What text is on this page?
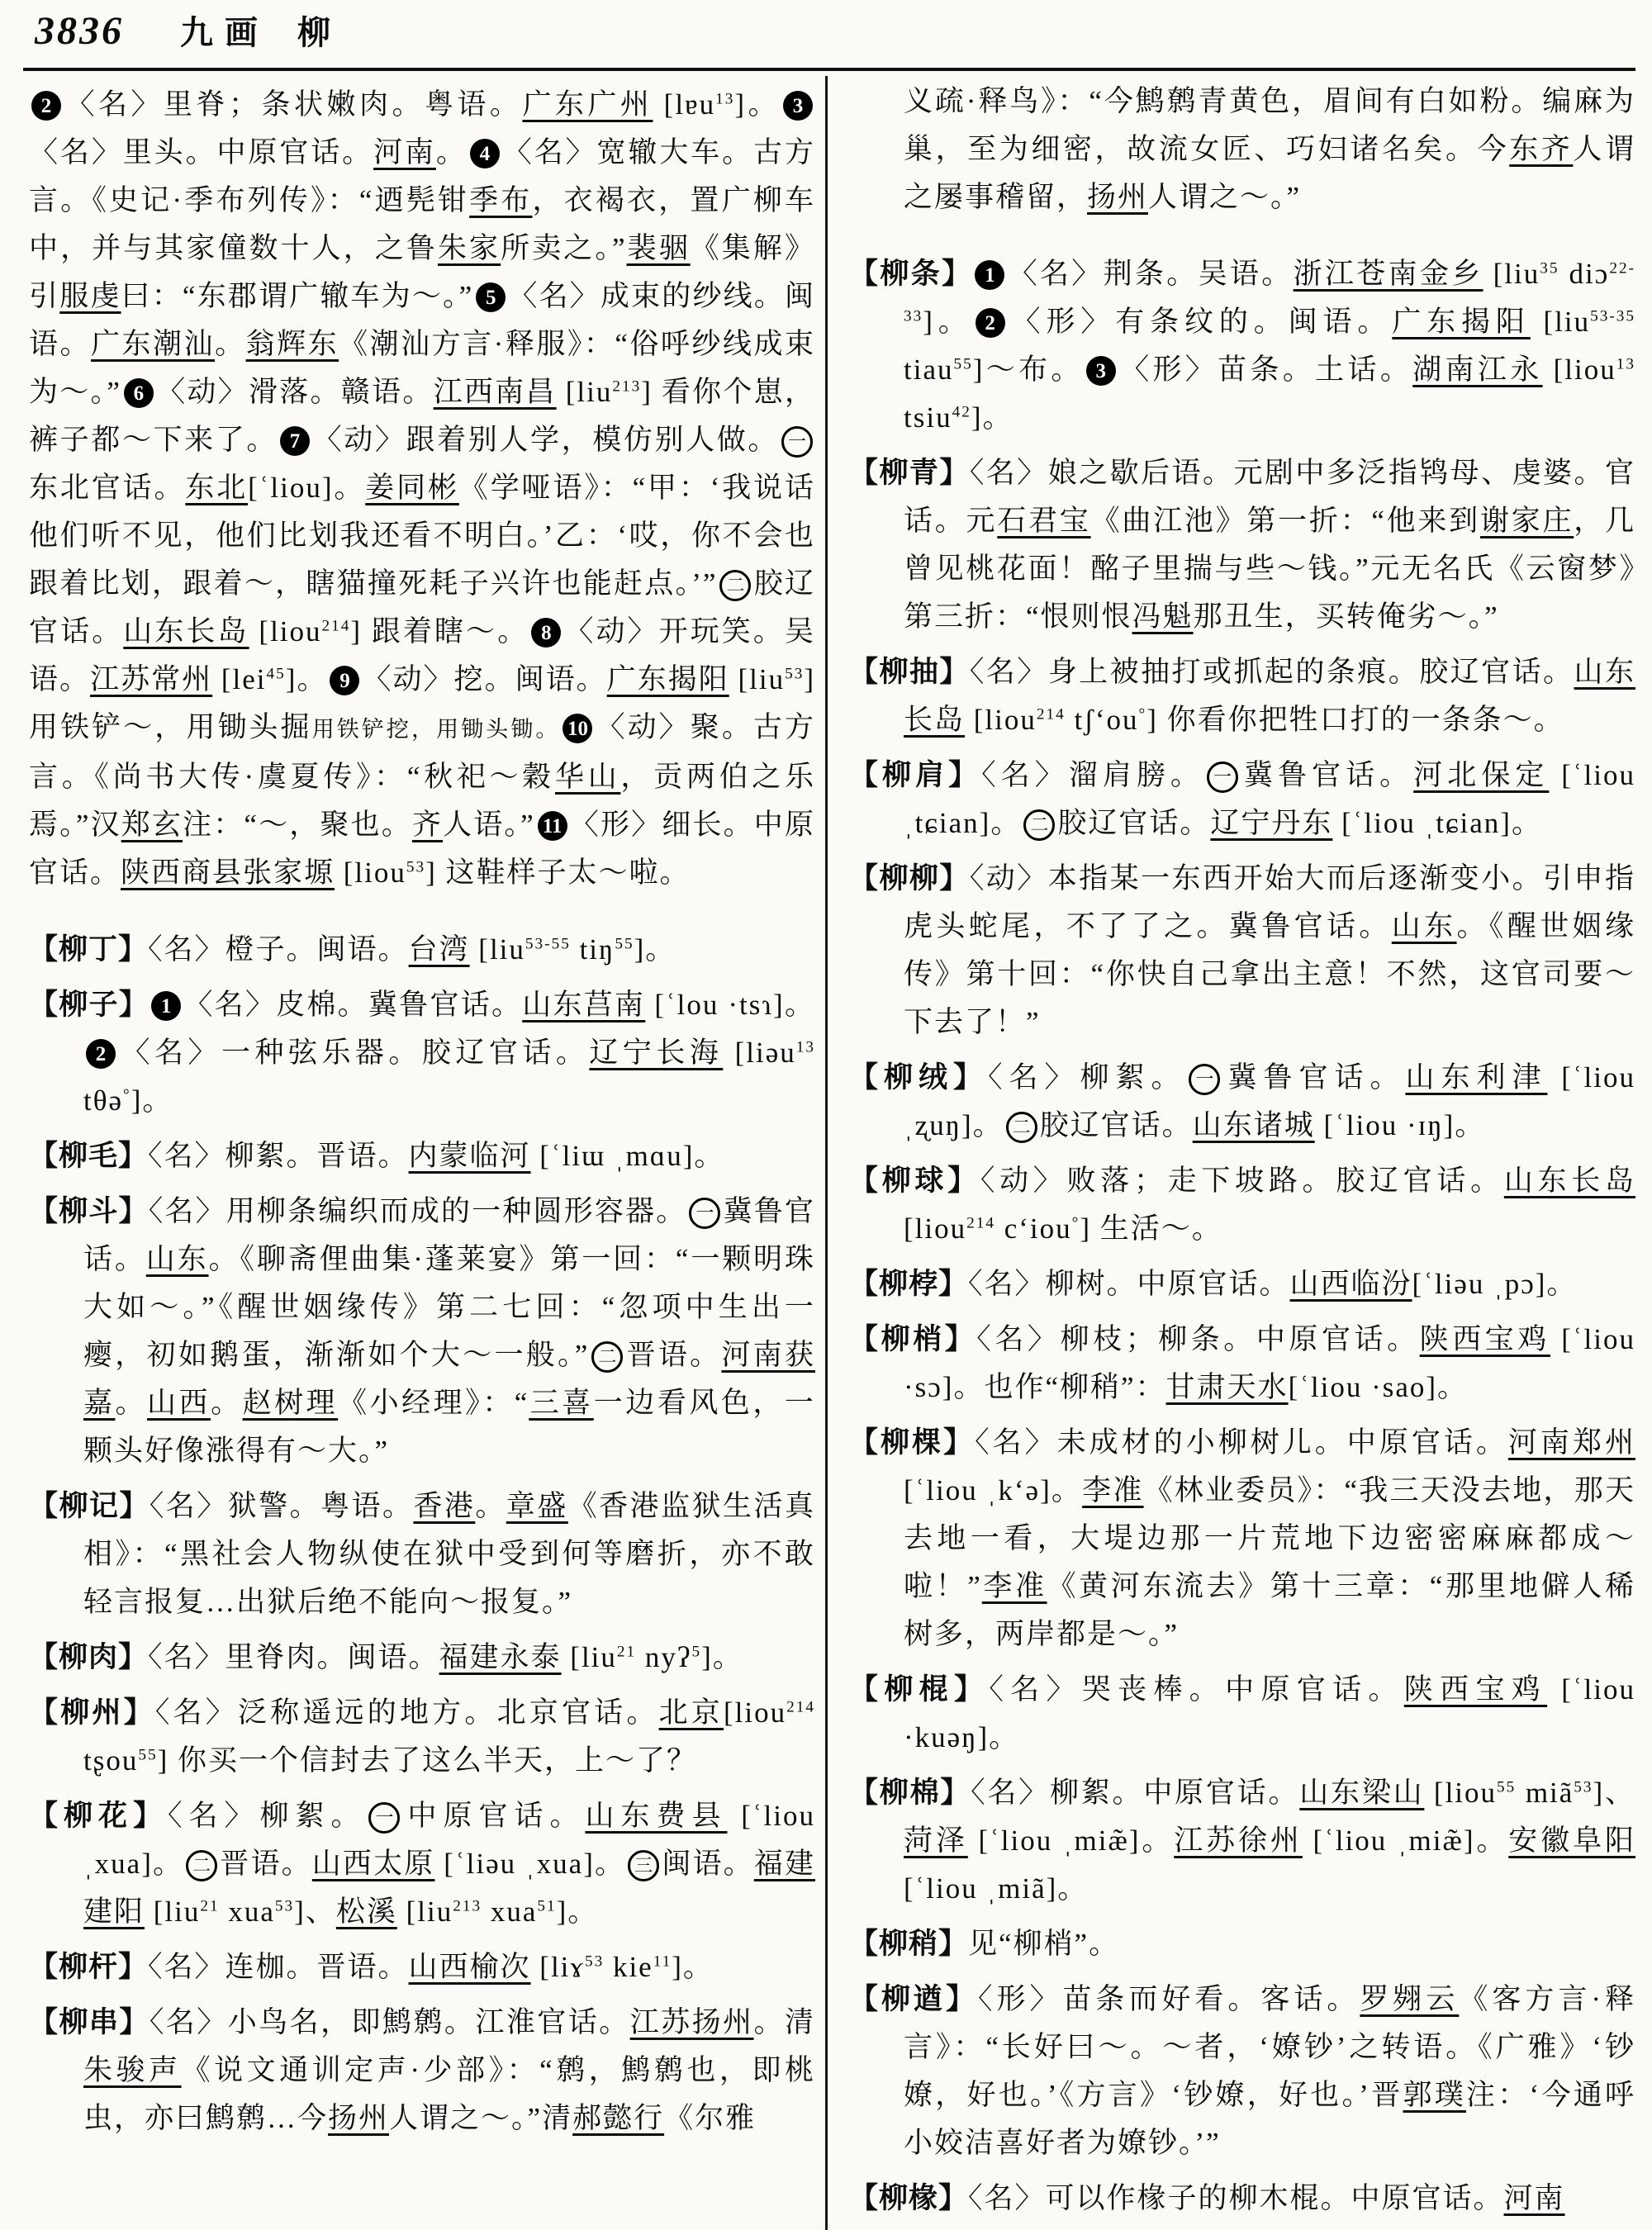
3836 九画 柳

2 〈名〉里脊；条状嫩肉。粤语。广东广州 [lɐu$^{13}$]。 3〈名〉里头。中原官话。河南。 4 〈名〉宽辙大车。古方言。《史记·季布列传》：“迺髡钳季布，衣褐衣，置广柳车中，并与其家僮数十人，之鲁朱家所卖之。”裴骃《集解》引服虔曰：“东郡谓广辙车为～。” 5 〈名〉成束的纱线。闽语。广东潮汕。翁辉东《潮汕方言·释服》：“俗呼纱线成束为～。” 6 〈动〉滑落。赣语。江西南昌 [liu$^{213}$] 看你个崽，裤子都～下来了。 7 〈动〉跟着别人学，模仿别人做。 一东北官话。东北[ʿliou]。姜同彬《学哑语》：“甲：‘我说话他们听不见，他们比划我还看不明白。’乙：‘哎，你不会也跟着比划，跟着～，瞎猫撞死耗子兴许也能赶点。’” 二 胶辽官话。山东长岛 [liou$^{214}$] 跟着瞎～。 8 〈动〉开玩笑。吴语。江苏常州 [lei$^{45}$]。 9 〈动〉挖。闽语。广东揭阳 [liu$^{53}$] 用铁铲～，用锄头掘用铁铲挖，用锄头锄。 10 〈动〉聚。古方言。《尚书大传·虞夏传》：“秋祀～穀华山，贡两伯之乐焉。”汉郑玄注：“～，聚也。齐人语。” 11 〈形〉细长。中原官话。陕西商县张家塬 [liou$^{53}$] 这鞋样子太～啦。

【柳丁】〈名〉橙子。闽语。台湾 [liu$^{53-55}$ tiŋ$^{55}$]。

【柳子】 1 〈名〉皮棉。冀鲁官话。山东莒南 [ʿlou ·tsɿ]。2 〈名〉一种弦乐器。胶辽官话。辽宁长海 [liəu$^{13}$ tθə°]。

【柳毛】〈名〉柳絮。晋语。内蒙临河 [ʿliɯ ˌmɑu]。

【柳斗】〈名〉用柳条编织而成的一种圆形容器。 一 冀鲁官话。山东。《聊斋俚曲集·蓬莱宴》第一回：“一颗明珠大如～。”《醒世姻缘传》第二七回：“忽项中生出一瘿，初如鹅蛋，渐渐如个大～一般。” 二 晋语。河南获嘉。山西。赵树理《小经理》：“三喜一边看风色，一颗头好像涨得有～大。”

【柳记】〈名〉狱警。粤语。香港。章盛《香港监狱生活真相》：“黑社会人物纵使在狱中受到何等磨折，亦不敢轻言报复…出狱后绝不能向～报复。”

【柳肉】〈名〉里脊肉。闽语。福建永泰 [liu$^{21}$ nyʔ$^5$]。

【柳州】〈名〉泛称遥远的地方。北京官话。北京[liou$^{214}$ tʂou$^{55}$] 你买一个信封去了这么半天，上～了？

【柳花】〈名〉柳絮。 一 中原官话。山东费县 [ʿliou ˌxua]。 二 晋语。山西太原 [ʿliəu ˌxua]。 三 闽语。福建建阳 [liu$^{21}$ xua$^{53}$]、松溪 [liu$^{213}$ xua$^{51}$]。

【柳杆】〈名〉连枷。晋语。山西榆次 [liɤ$^{53}$ kie$^{11}$]。

【柳串】〈名〉小鸟名，即鹪鹩。江淮官话。江苏扬州。清朱骏声《说文通训定声·少部》：“鹩，鹪鹩也，即桃虫，亦曰鹪鹩…今扬州人谓之～。”清郝懿行《尔雅

义疏·释鸟》：“今鹪鹩青黄色，眉间有白如粉。编麻为巢，至为细密，故流女匠、巧妇诸名矣。今东齐人谓之屡事稽留，扬州人谓之～。”

【柳条】 1 〈名〉荆条。吴语。浙江苍南金乡 [liu$^{35}$ diɔ$^{22-33}$]。 2 〈形〉有条纹的。闽语。广东揭阳 [liu$^{53-35}$ tiau$^{55}$]～布。 3 〈形〉苗条。土话。湖南江永 [liou$^{13}$ tsiu$^{42}$]。

【柳青】〈名〉娘之歇后语。元剧中多泛指鸨母、虔婆。官话。元石君宝《曲江池》第一折：“他来到谢家庄，几曾见桃花面！酩子里揣与些～钱。”元无名氏《云窗梦》第三折：“恨则恨冯魁那丑生，买转俺劣～。”

【柳抽】〈名〉身上被抽打或抓起的条痕。胶辽官话。山东长岛 [liou$^{214}$ tʃ‘ou°] 你看你把牲口打的一条条～。

【柳肩】〈名〉溜肩膀。 一 冀鲁官话。河北保定 [ʿliou ˌtɕian]。 二 胶辽官话。辽宁丹东 [ʿliou ˌtɕian]。

【柳柳】〈动〉本指某一东西开始大而后逐渐变小。引申指虎头蛇尾，不了了之。冀鲁官话。山东。《醒世姻缘传》第十回：“你快自己拿出主意！不然，这官司要～下去了！”

【柳绒】〈名〉柳絮。 一 冀鲁官话。山东利津 [ʿliou ˌʐuŋ]。 二 胶辽官话。山东诸城 [ʿliou ·ɪŋ]。

【柳球】〈动〉败落；走下坡路。胶辽官话。山东长岛 [liou$^{214}$ c‘iou°] 生活～。

【柳桲】〈名〉柳树。中原官话。山西临汾[ʿliəu ˌpɔ]。

【柳梢】〈名〉柳枝；柳条。中原官话。陕西宝鸡 [ʿliou ·sɔ]。也作“柳稍”：甘肃天水[ʿliou ·sao]。

【柳棵】〈名〉未成材的小柳树儿。中原官话。河南郑州 [ʿliou ˌk‘ə]。李准《林业委员》：“我三天没去地，那天去地一看，大堤边那一片荒地下边密密麻麻都成～啦！”李准《黄河东流去》第十三章：“那里地僻人稀树多，两岸都是～。”

【柳棍】〈名〉哭丧棒。中原官话。陕西宝鸡 [ʿliou ·kuəŋ]。

【柳棉】〈名〉柳絮。中原官话。山东梁山 [liou$^{55}$ miã$^{53}$]、菏泽 [ʿliou ˌmiæ̃]。江苏徐州 [ʿliou ˌmiæ̃]。安徽阜阳 [ʿliou ˌmiã]。

【柳稍】见“柳梢”。

【柳遒】〈形〉苗条而好看。客话。罗翙云《客方言·释言》：“长好曰～。～者，‘嫽钞’之转语。《广雅》‘钞嫽，好也。’《方言》‘钞嫽，好也。’晋郭璞注：‘今通呼小姣洁喜好者为嫽钞。’”

【柳椽】〈名〉可以作椽子的柳木棍。中原官话。河南
